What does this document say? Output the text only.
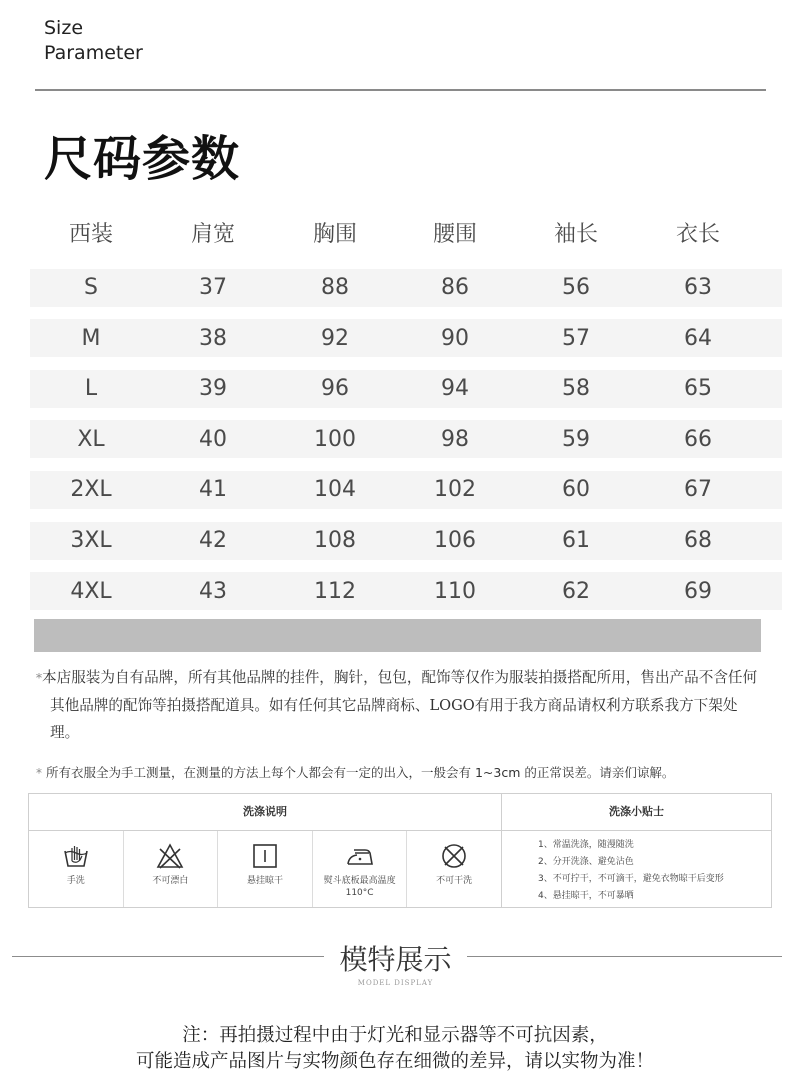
Size
Parameter
尺码参数
西装	肩宽	胸围	腰围	袖长	衣长
S	37	88	86	56	63
M	38	92	90	57	64
L	39	96	94	58	65
XL	40	100	98	59	66
2XL	41	104	102	60	67
3XL	42	108	106	61	68
4XL	43	112	110	62	69
*本店服装为自有品牌，所有其他品牌的挂件，胸针，包包，配饰等仅作为服装拍摄搭配所用，售出产品不含任何其他品牌的配饰等拍摄搭配道具。如有任何其它品牌商标、LOGO有用于我方商品请权利方联系我方下架处理。
* 所有衣服全为手工测量，在测量的方法上每个人都会有一定的出入，一般会有 1~3cm 的正常误差。请亲们谅解。
洗涤说明
手洗	不可漂白	悬挂晾干	熨斗底板最高温度110°C
不可干洗
洗涤小贴士
1、常温洗涤，随漫随洗
2、分开洗涤、避免沾色
3、不可拧干，不可滴干，避免衣物晾干后变形
4、悬挂晾干，不可暴晒
模特展示
MODEL DISPLAY
注：再拍摄过程中由于灯光和显示器等不可抗因素，
可能造成产品图片与实物颜色存在细微的差异，请以实物为准！
